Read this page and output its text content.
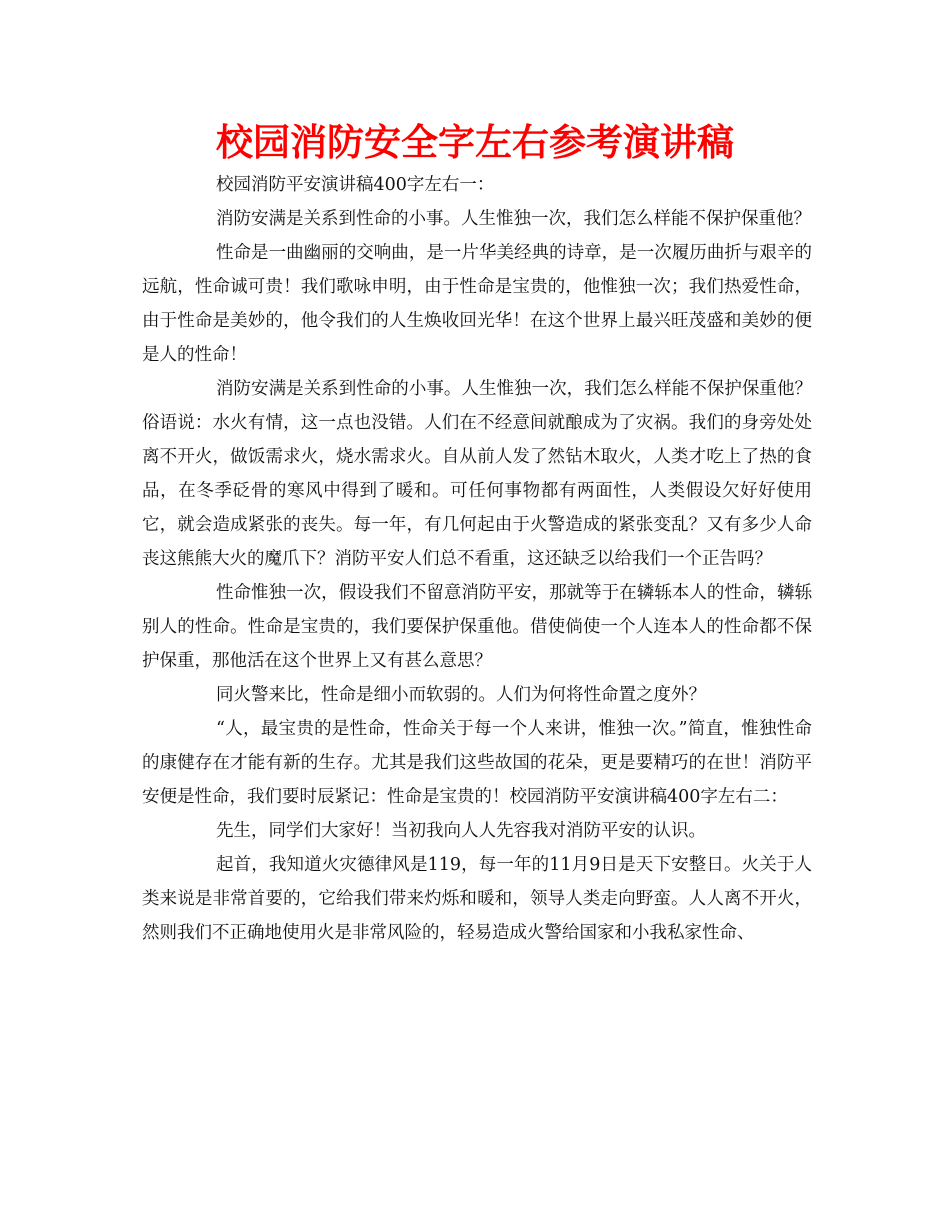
校园消防安全字左右参考演讲稿

校园消防平安演讲稿400字左右一：

消防安满是关系到性命的小事。人生惟独一次，我们怎么样能不保护保重他？

性命是一曲幽丽的交响曲，是一片华美经典的诗章，是一次履历曲折与艰辛的远航，性命诚可贵！我们歌咏申明，由于性命是宝贵的，他惟独一次；我们热爱性命，由于性命是美妙的，他令我们的人生焕收回光华！在这个世界上最兴旺茂盛和美妙的便是人的性命！

消防安满是关系到性命的小事。人生惟独一次，我们怎么样能不保护保重他？俗语说：水火有情，这一点也没错。人们在不经意间就酿成为了灾祸。我们的身旁处处离不开火，做饭需求火，烧水需求火。自从前人发了然钻木取火，人类才吃上了热的食品，在冬季砭骨的寒风中得到了暖和。可任何事物都有两面性，人类假设欠好好使用它，就会造成紧张的丧失。每一年，有几何起由于火警造成的紧张变乱？又有多少人命丧这熊熊大火的魔爪下？消防平安人们总不看重，这还缺乏以给我们一个正告吗？

性命惟独一次，假设我们不留意消防平安，那就等于在辚轹本人的性命，辚轹别人的性命。性命是宝贵的，我们要保护保重他。借使倘使一个人连本人的性命都不保护保重，那他活在这个世界上又有甚么意思？

同火警来比，性命是细小而软弱的。人们为何将性命置之度外？

“人，最宝贵的是性命，性命关于每一个人来讲，惟独一次。”简直，惟独性命的康健存在才能有新的生存。尤其是我们这些故国的花朵，更是要精巧的在世！消防平安便是性命，我们要时辰紧记：性命是宝贵的！校园消防平安演讲稿400字左右二：

先生，同学们大家好！当初我向人人先容我对消防平安的认识。

起首，我知道火灾德律风是119，每一年的11月9日是天下安整日。火关于人类来说是非常首要的，它给我们带来灼烁和暖和，领导人类走向野蛮。人人离不开火，然则我们不正确地使用火是非常风险的，轻易造成火警给国家和小我私家性命、
